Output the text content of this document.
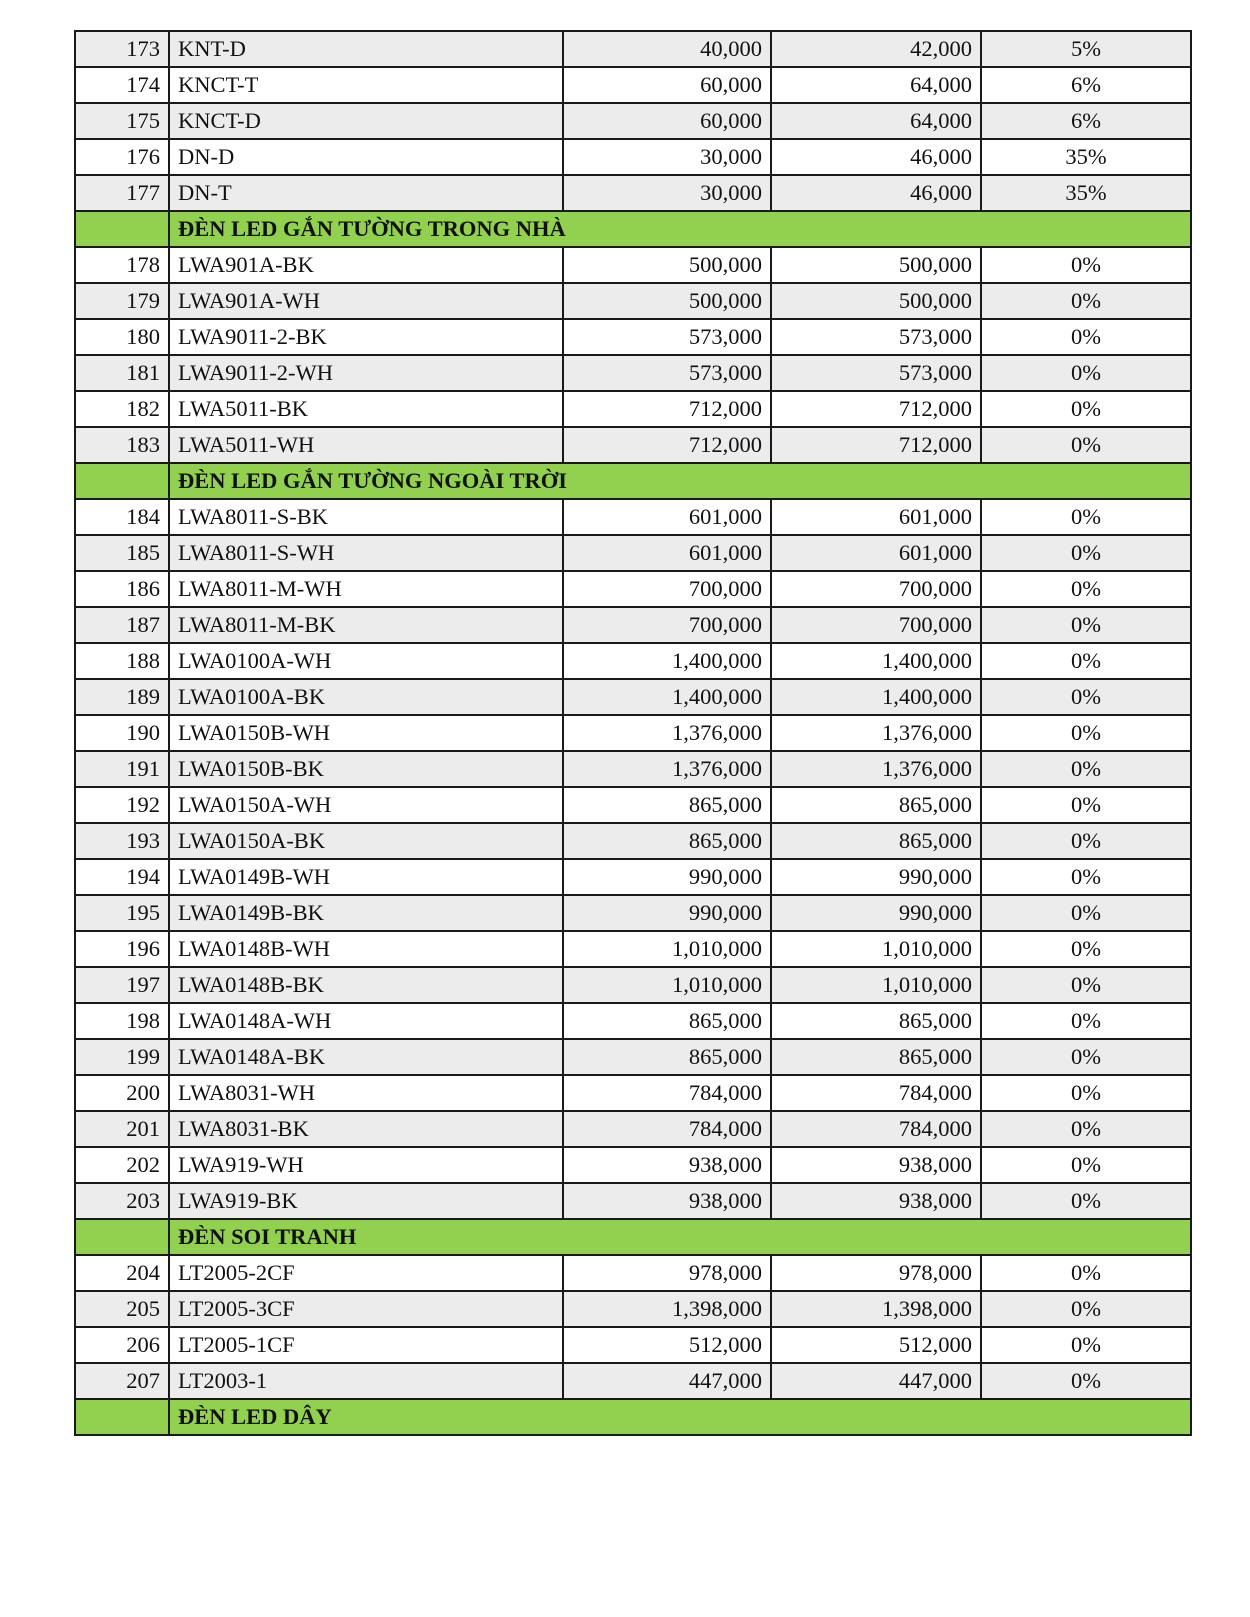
173	KNT-D	40,000	42,000	5%
174	KNCT-T	60,000	64,000	6%
175	KNCT-D	60,000	64,000	6%
176	DN-D	30,000	46,000	35%
177	DN-T	30,000	46,000	35%
	ĐÈN LED GẮN TƯỜNG TRONG NHÀ			
178	LWA901A-BK	500,000	500,000	0%
179	LWA901A-WH	500,000	500,000	0%
180	LWA9011-2-BK	573,000	573,000	0%
181	LWA9011-2-WH	573,000	573,000	0%
182	LWA5011-BK	712,000	712,000	0%
183	LWA5011-WH	712,000	712,000	0%
	ĐÈN LED GẮN TƯỜNG NGOÀI TRỜI			
184	LWA8011-S-BK	601,000	601,000	0%
185	LWA8011-S-WH	601,000	601,000	0%
186	LWA8011-M-WH	700,000	700,000	0%
187	LWA8011-M-BK	700,000	700,000	0%
188	LWA0100A-WH	1,400,000	1,400,000	0%
189	LWA0100A-BK	1,400,000	1,400,000	0%
190	LWA0150B-WH	1,376,000	1,376,000	0%
191	LWA0150B-BK	1,376,000	1,376,000	0%
192	LWA0150A-WH	865,000	865,000	0%
193	LWA0150A-BK	865,000	865,000	0%
194	LWA0149B-WH	990,000	990,000	0%
195	LWA0149B-BK	990,000	990,000	0%
196	LWA0148B-WH	1,010,000	1,010,000	0%
197	LWA0148B-BK	1,010,000	1,010,000	0%
198	LWA0148A-WH	865,000	865,000	0%
199	LWA0148A-BK	865,000	865,000	0%
200	LWA8031-WH	784,000	784,000	0%
201	LWA8031-BK	784,000	784,000	0%
202	LWA919-WH	938,000	938,000	0%
203	LWA919-BK	938,000	938,000	0%
	ĐÈN SOI TRANH			
204	LT2005-2CF	978,000	978,000	0%
205	LT2005-3CF	1,398,000	1,398,000	0%
206	LT2005-1CF	512,000	512,000	0%
207	LT2003-1	447,000	447,000	0%
	ĐÈN LED DÂY			
